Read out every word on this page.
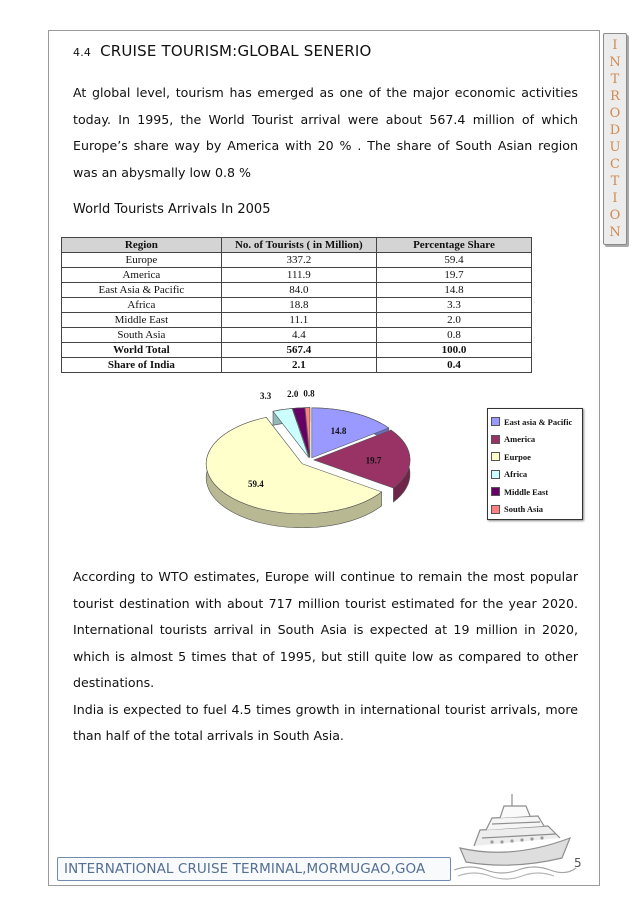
I
N
T
R
O
D
U
C
T
I
O
N
4.4 CRUISE TOURISM:GLOBAL SENERIO
At global level, tourism has emerged as one of the major economic activities today. In 1995, the World Tourist arrival were about 567.4 million of which Europe’s share way by America with 20 % . The share of South Asian region was an abysmally low 0.8 %
World Tourists Arrivals In 2005
Region	No. of Tourists ( in Million)	Percentage Share
Europe	337.2	59.4
America	111.9	19.7
East Asia & Pacific	84.0	14.8
Africa	18.8	3.3
Middle East	11.1	2.0
South Asia	4.4	0.8
World Total	567.4	100.0
Share of India	2.1	0.4
14.8
19.7
59.4
3.3 2.0 0.8
East asia & Pacific
America
Eurpoe
Africa
Middle East
South Asia
According to WTO estimates, Europe will continue to remain the most popular tourist destination with about 717 million tourist estimated for the year 2020. International tourists arrival in South Asia is expected at 19 million in 2020, which is almost 5 times that of 1995, but still quite low as compared to other destinations.
India is expected to fuel 4.5 times growth in international tourist arrivals, more than half of the total arrivals in South Asia.
INTERNATIONAL CRUISE TERMINAL,MORMUGAO,GOA	5
